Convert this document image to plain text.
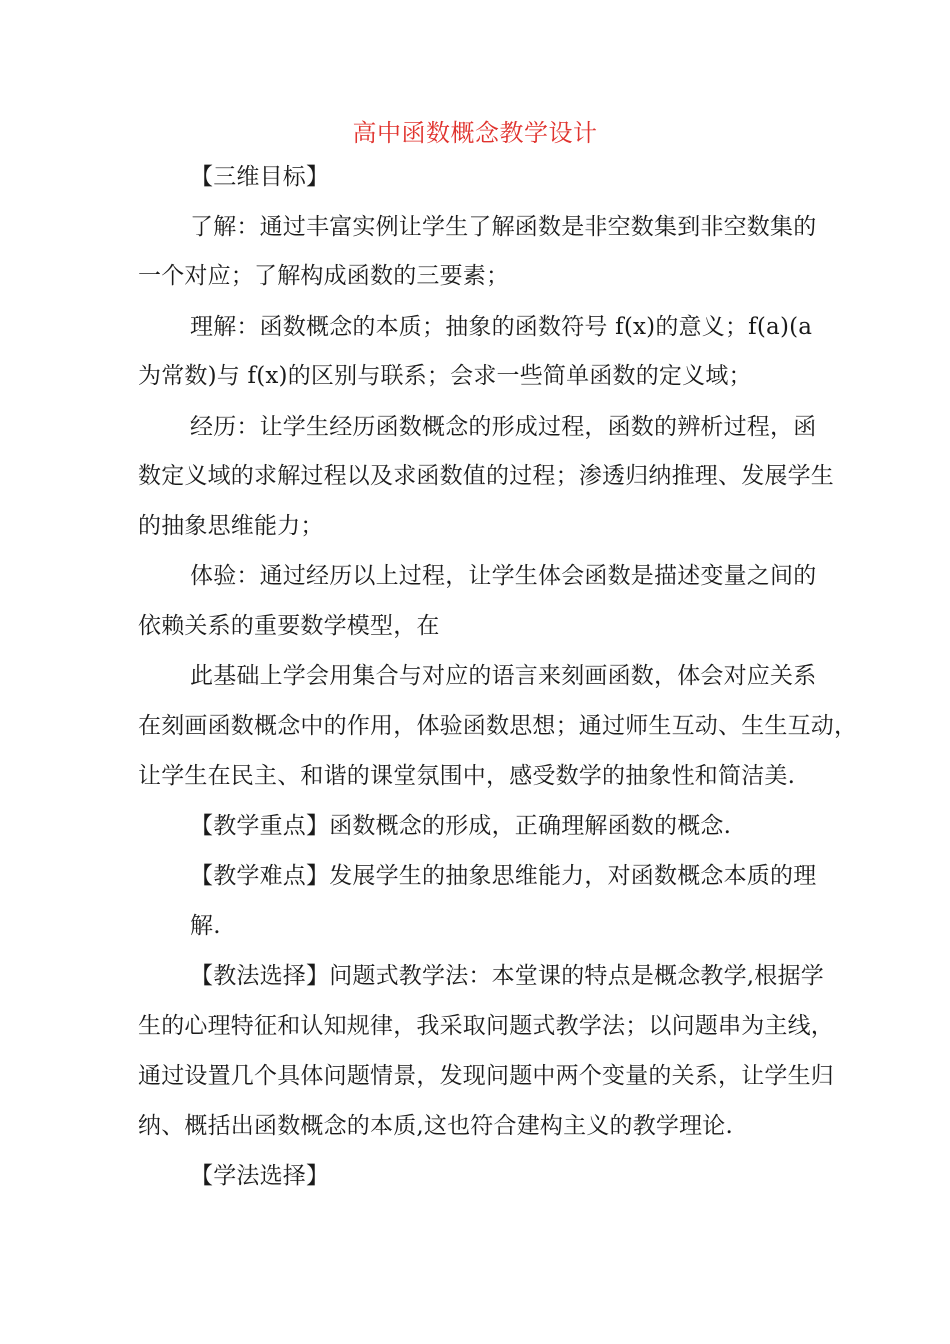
高中函数概念教学设计
【三维目标】
了解：通过丰富实例让学生了解函数是非空数集到非空数集的
一个对应；了解构成函数的三要素；
理解：函数概念的本质；抽象的函数符号 f(x)的意义；f(a)(a
为常数)与 f(x)的区别与联系；会求一些简单函数的定义域；
经历：让学生经历函数概念的形成过程，函数的辨析过程，函
数定义域的求解过程以及求函数值的过程；渗透归纳推理、发展学生
的抽象思维能力；
体验：通过经历以上过程，让学生体会函数是描述变量之间的
依赖关系的重要数学模型，在
此基础上学会用集合与对应的语言来刻画函数，体会对应关系
在刻画函数概念中的作用，体验函数思想；通过师生互动、生生互动，
让学生在民主、和谐的课堂氛围中，感受数学的抽象性和简洁美.
【教学重点】函数概念的形成，正确理解函数的概念.
【教学难点】发展学生的抽象思维能力，对函数概念本质的理
解.
【教法选择】问题式教学法：本堂课的特点是概念教学,根据学
生的心理特征和认知规律，我采取问题式教学法；以问题串为主线，
通过设置几个具体问题情景，发现问题中两个变量的关系，让学生归
纳、概括出函数概念的本质,这也符合建构主义的教学理论.
【学法选择】
